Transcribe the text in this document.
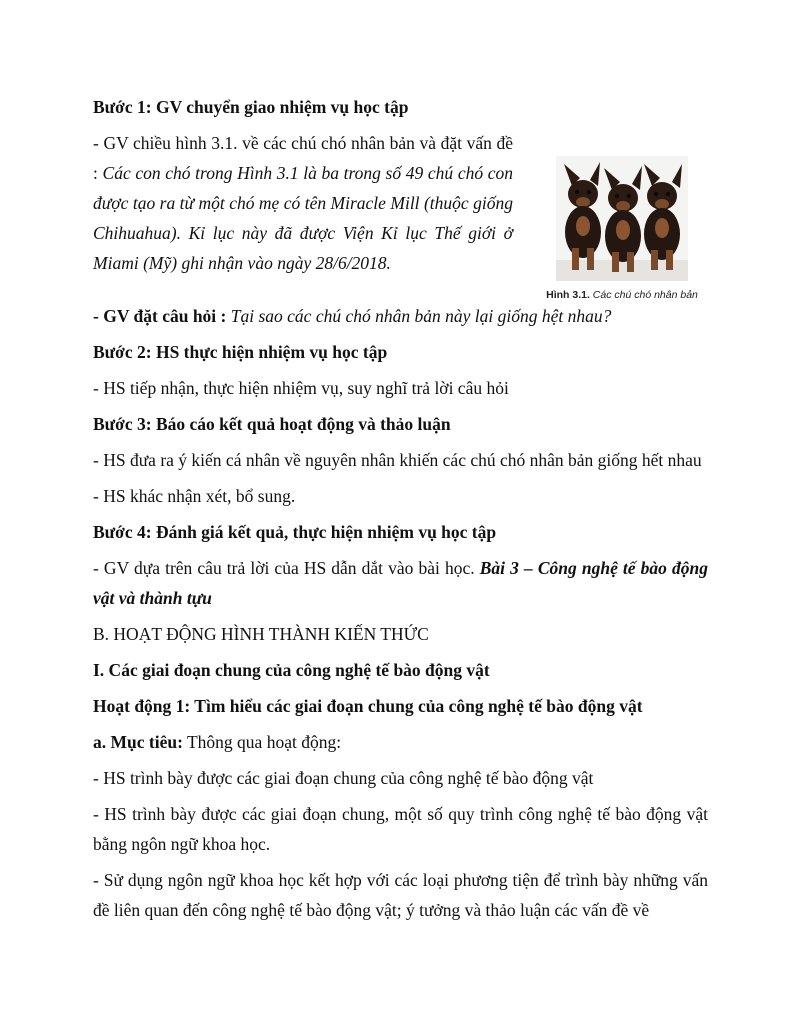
Bước 1: GV chuyển giao nhiệm vụ học tập

- GV chiều hình 3.1. về các chú chó nhân bản và đặt vấn đề : Các con chó trong Hình 3.1 là ba trong số 49 chú chó con được tạo ra từ một chó mẹ có tên Miracle Mill (thuộc giống Chihuahua). Kỉ lục này đã được Viện Kỉ lục Thế giới ở Miami (Mỹ) ghi nhận vào ngày 28/6/2018.

Hình 3.1. Các chú chó nhân bản

- GV đặt câu hỏi : Tại sao các chú chó nhân bản này lại giống hệt nhau?

Bước 2: HS thực hiện nhiệm vụ học tập

- HS tiếp nhận, thực hiện nhiệm vụ, suy nghĩ trả lời câu hỏi

Bước 3: Báo cáo kết quả hoạt động và thảo luận

- HS đưa ra ý kiến cá nhân về nguyên nhân khiến các chú chó nhân bản giống hết nhau

- HS khác nhận xét, bổ sung.

Bước 4: Đánh giá kết quả, thực hiện nhiệm vụ học tập

- GV dựa trên câu trả lời của HS dẫn dắt vào bài học. Bài 3 – Công nghệ tế bào động vật và thành tựu

B. HOẠT ĐỘNG HÌNH THÀNH KIẾN THỨC

I. Các giai đoạn chung của công nghệ tế bào động vật

Hoạt động 1: Tìm hiểu các giai đoạn chung của công nghệ tế bào động vật

a. Mục tiêu: Thông qua hoạt động:

- HS trình bày được các giai đoạn chung của công nghệ tế bào động vật

- HS trình bày được các giai đoạn chung, một số quy trình công nghệ tế bào động vật bằng ngôn ngữ khoa học.

- Sử dụng ngôn ngữ khoa học kết hợp với các loại phương tiện để trình bày những vấn đề liên quan đến công nghệ tế bào động vật; ý tưởng và thảo luận các vấn đề về
